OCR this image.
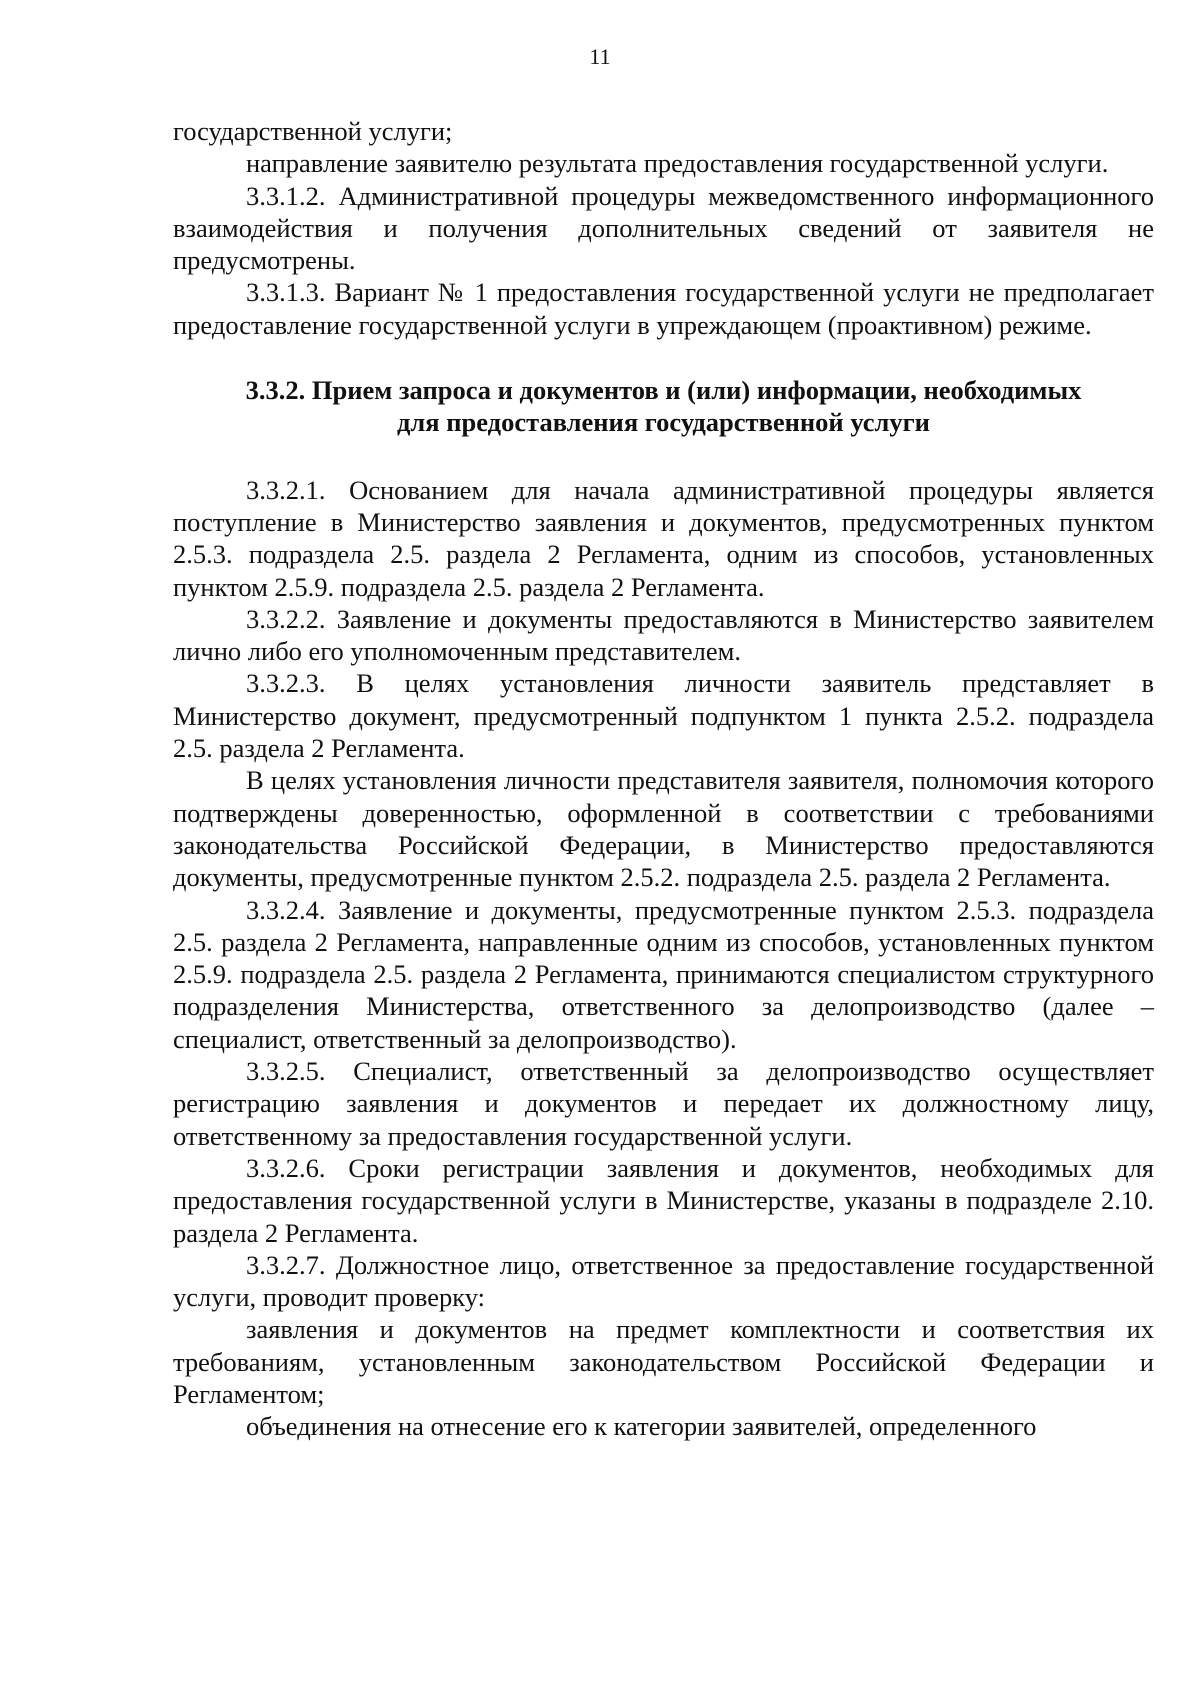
11

государственной услуги;

направление заявителю результата предоставления государственной услуги.

3.3.1.2. Административной процедуры межведомственного информационного взаимодействия и получения дополнительных сведений от заявителя не предусмотрены.

3.3.1.3. Вариант № 1 предоставления государственной услуги не предполагает предоставление государственной услуги в упреждающем (проактивном) режиме.

3.3.2. Прием запроса и документов и (или) информации, необходимых
для предоставления государственной услуги

3.3.2.1. Основанием для начала административной процедуры является поступление в Министерство заявления и документов, предусмотренных пунктом 2.5.3. подраздела 2.5. раздела 2 Регламента, одним из способов, установленных пунктом 2.5.9. подраздела 2.5. раздела 2 Регламента.

3.3.2.2. Заявление и документы предоставляются в Министерство заявителем лично либо его уполномоченным представителем.

3.3.2.3. В целях установления личности заявитель представляет в Министерство документ, предусмотренный подпунктом 1 пункта 2.5.2. подраздела 2.5. раздела 2 Регламента.

В целях установления личности представителя заявителя, полномочия которого подтверждены доверенностью, оформленной в соответствии с требованиями законодательства Российской Федерации, в Министерство предоставляются документы, предусмотренные пунктом 2.5.2. подраздела 2.5. раздела 2 Регламента.

3.3.2.4. Заявление и документы, предусмотренные пунктом 2.5.3. подраздела 2.5. раздела 2 Регламента, направленные одним из способов, установленных пунктом 2.5.9. подраздела 2.5. раздела 2 Регламента, принимаются специалистом структурного подразделения Министерства, ответственного за делопроизводство (далее – специалист, ответственный за делопроизводство).

3.3.2.5. Специалист, ответственный за делопроизводство осуществляет регистрацию заявления и документов и передает их должностному лицу, ответственному за предоставления государственной услуги.

3.3.2.6. Сроки регистрации заявления и документов, необходимых для предоставления государственной услуги в Министерстве, указаны в подразделе 2.10. раздела 2 Регламента.

3.3.2.7. Должностное лицо, ответственное за предоставление государственной услуги, проводит проверку:

заявления и документов на предмет комплектности и соответствия их требованиям, установленным законодательством Российской Федерации и Регламентом;

объединения на отнесение его к категории заявителей, определенного
